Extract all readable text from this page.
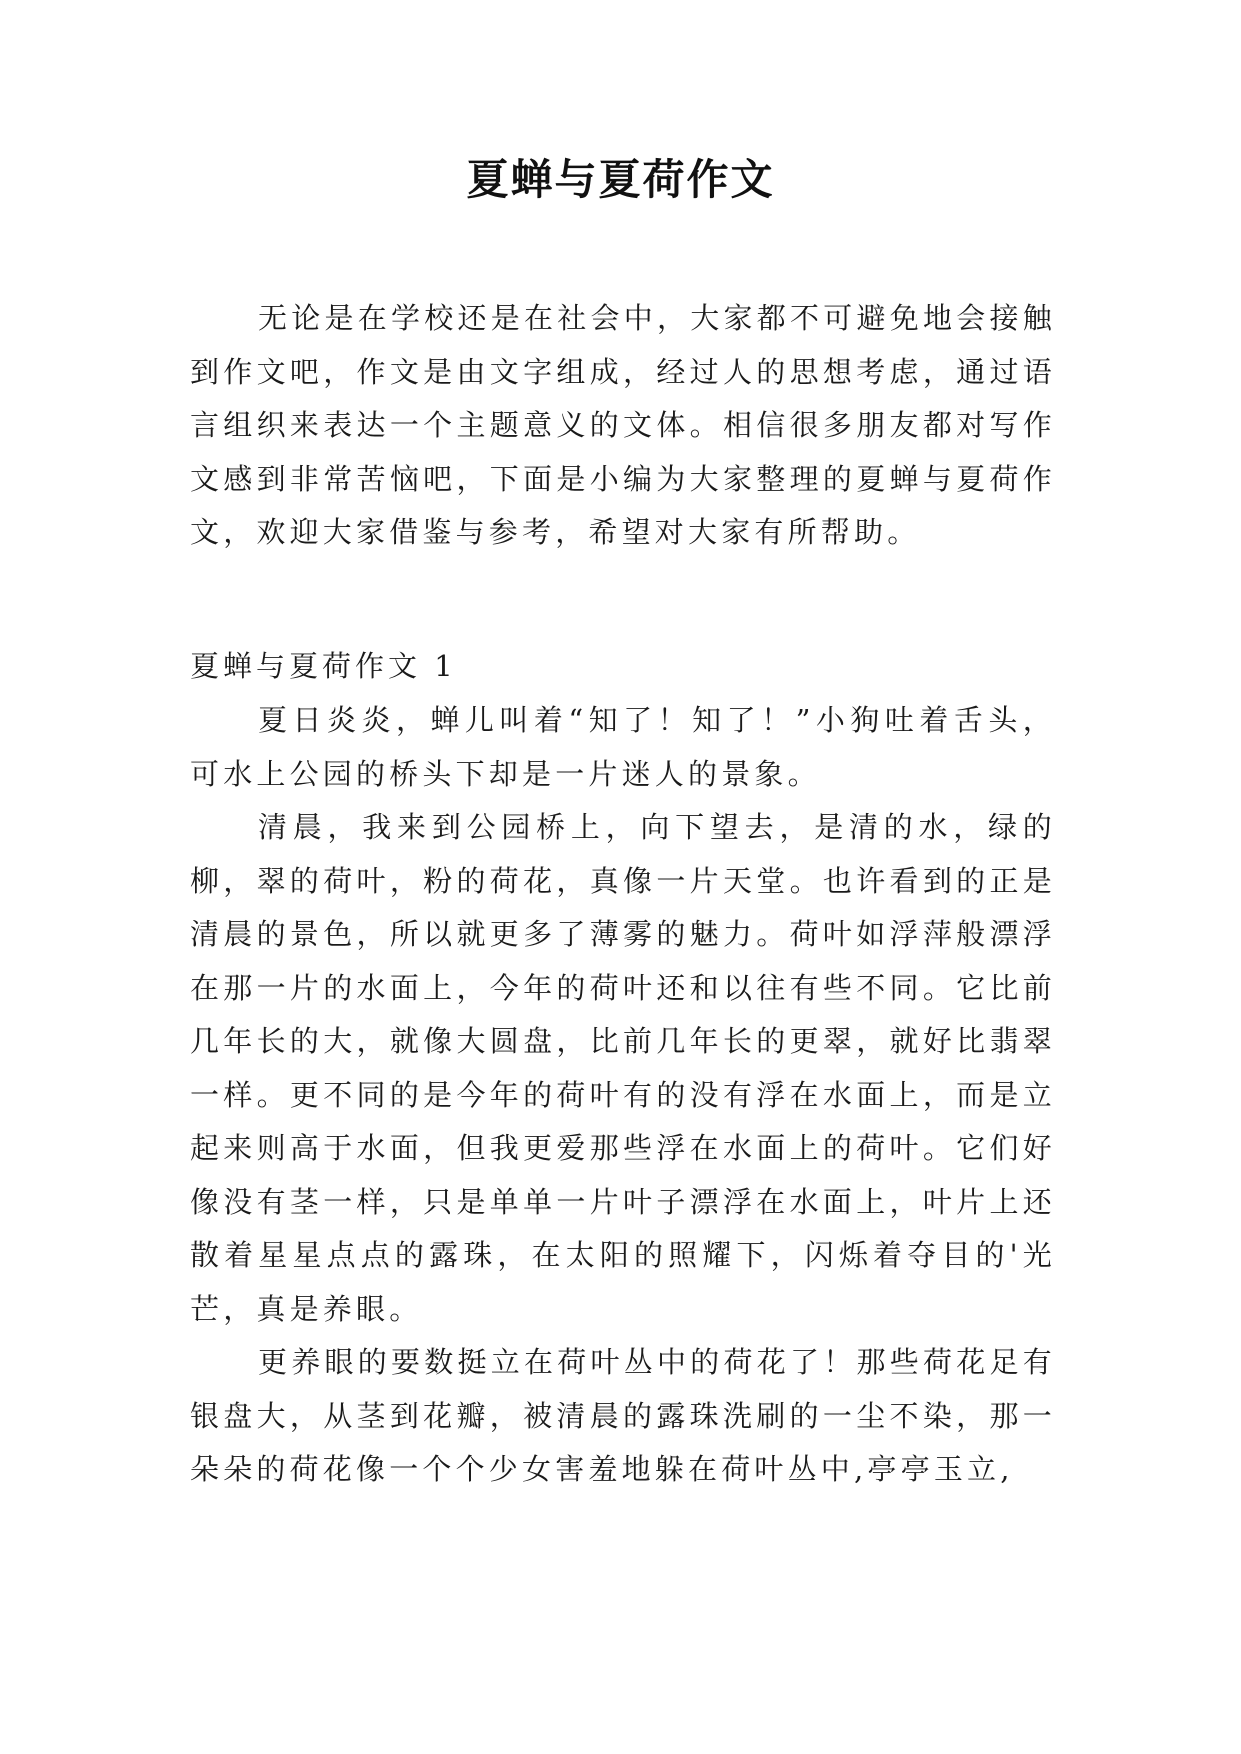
夏蝉与夏荷作文

无论是在学校还是在社会中，大家都不可避免地会接触到作文吧，作文是由文字组成，经过人的思想考虑，通过语言组织来表达一个主题意义的文体。相信很多朋友都对写作文感到非常苦恼吧，下面是小编为大家整理的夏蝉与夏荷作文，欢迎大家借鉴与参考，希望对大家有所帮助。

夏蝉与夏荷作文 1

夏日炎炎，蝉儿叫着“知了！知了！”小狗吐着舌头，可水上公园的桥头下却是一片迷人的景象。

清晨，我来到公园桥上，向下望去，是清的水，绿的柳，翠的荷叶，粉的荷花，真像一片天堂。也许看到的正是清晨的景色，所以就更多了薄雾的魅力。荷叶如浮萍般漂浮在那一片的水面上，今年的荷叶还和以往有些不同。它比前几年长的大，就像大圆盘，比前几年长的更翠，就好比翡翠一样。更不同的是今年的荷叶有的没有浮在水面上，而是立起来则高于水面，但我更爱那些浮在水面上的荷叶。它们好像没有茎一样，只是单单一片叶子漂浮在水面上，叶片上还散着星星点点的露珠，在太阳的照耀下，闪烁着夺目的'光芒，真是养眼。

更养眼的要数挺立在荷叶丛中的荷花了！那些荷花足有银盘大，从茎到花瓣，被清晨的露珠洗刷的一尘不染，那一朵朵的荷花像一个个少女害羞地躲在荷叶丛中,亭亭玉立,
